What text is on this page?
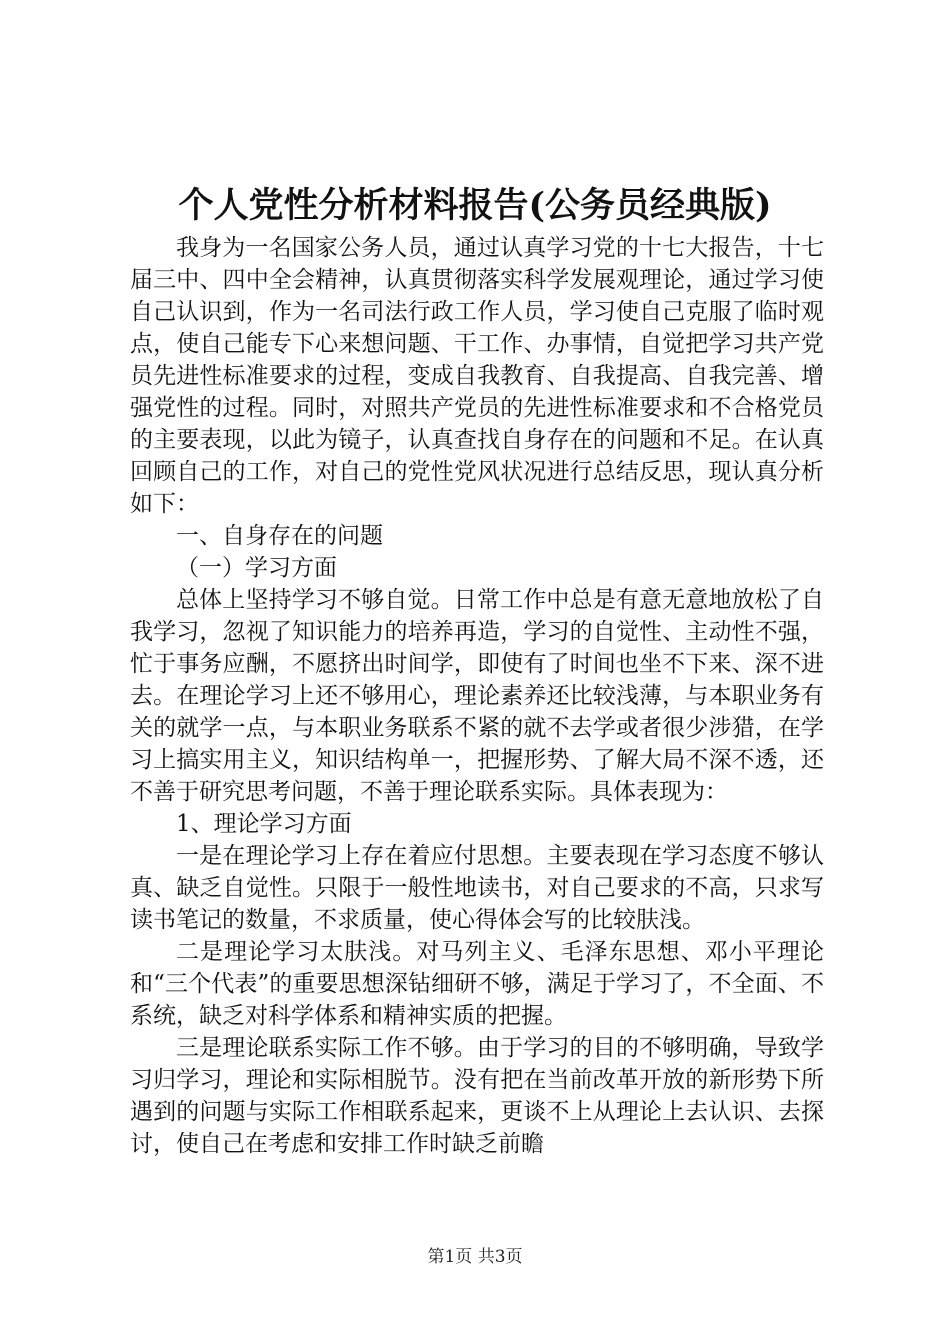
个人党性分析材料报告(公务员经典版)

我身为一名国家公务人员，通过认真学习党的十七大报告，十七届三中、四中全会精神，认真贯彻落实科学发展观理论，通过学习使自己认识到，作为一名司法行政工作人员，学习使自己克服了临时观点，使自己能专下心来想问题、干工作、办事情，自觉把学习共产党员先进性标准要求的过程，变成自我教育、自我提高、自我完善、增强党性的过程。同时，对照共产党员的先进性标准要求和不合格党员的主要表现，以此为镜子，认真查找自身存在的问题和不足。在认真回顾自己的工作，对自己的党性党风状况进行总结反思，现认真分析如下：

一、自身存在的问题

（一）学习方面

总体上坚持学习不够自觉。日常工作中总是有意无意地放松了自我学习，忽视了知识能力的培养再造，学习的自觉性、主动性不强，忙于事务应酬，不愿挤出时间学，即使有了时间也坐不下来、深不进去。在理论学习上还不够用心，理论素养还比较浅薄，与本职业务有关的就学一点，与本职业务联系不紧的就不去学或者很少涉猎，在学习上搞实用主义，知识结构单一，把握形势、了解大局不深不透，还不善于研究思考问题，不善于理论联系实际。具体表现为：

1、理论学习方面

一是在理论学习上存在着应付思想。主要表现在学习态度不够认真、缺乏自觉性。只限于一般性地读书，对自己要求的不高，只求写读书笔记的数量，不求质量，使心得体会写的比较肤浅。

二是理论学习太肤浅。对马列主义、毛泽东思想、邓小平理论和“三个代表”的重要思想深钻细研不够，满足于学习了，不全面、不系统，缺乏对科学体系和精神实质的把握。

三是理论联系实际工作不够。由于学习的目的不够明确，导致学习归学习，理论和实际相脱节。没有把在当前改革开放的新形势下所遇到的问题与实际工作相联系起来，更谈不上从理论上去认识、去探讨，使自己在考虑和安排工作时缺乏前瞻

第1页 共3页
